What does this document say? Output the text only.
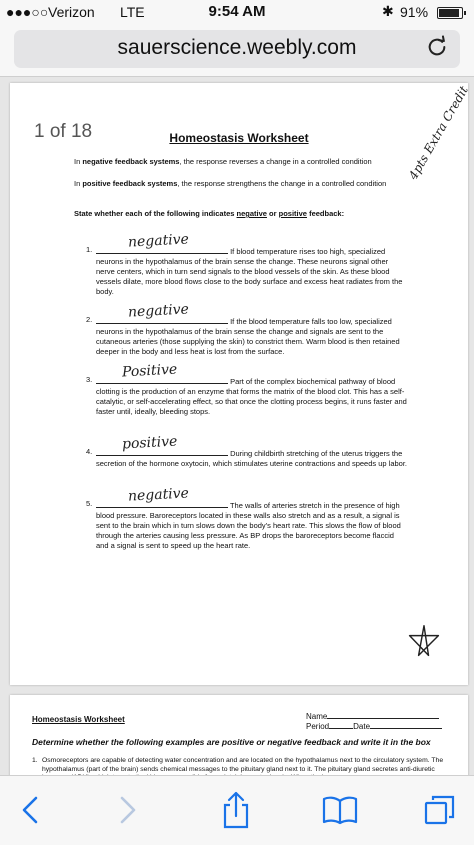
●●●○○ Verizon LTE	9:54 AM	✱ 91%
sauerscience.weebly.com
1 of 18	Homeostasis Worksheet
In negative feedback systems, the response reverses a change in a controlled condition
In positive feedback systems, the response strengthens the change in a controlled condition
State whether each of the following indicates negative or positive feedback:
1.	If blood temperature rises too high, specialized neurons in the hypothalamus of the brain sense the change. These neurons signal other nerve centers, which in turn send signals to the blood vessels of the skin. As these blood vessels dilate, more blood flows close to the body surface and excess heat radiates from the body.
negative
2.	If the blood temperature falls too low, specialized neurons in the hypothalamus of the brain sense the change and signals are sent to the cutaneous arteries (those supplying the skin) to constrict them. Warm blood is then retained deeper in the body and less heat is lost from the surface.
negative
3.	Part of the complex biochemical pathway of blood clotting is the production of an enzyme that forms the matrix of the blood clot. This has a self- catalytic, or self-accelerating effect, so that once the clotting process begins, it runs faster and faster until, ideally, bleeding stops.
Positive
4.	During childbirth stretching of the uterus triggers the secretion of the hormone oxytocin, which stimulates uterine contractions and speeds up labor.
positive
5.	The walls of arteries stretch in the presence of high blood pressure. Baroreceptors located in these walls also stretch and as a result, a signal is sent to the brain which in turn slows down the body's heart rate. This slows the flow of blood through the arteries causing less pressure. As BP drops the baroreceptors become flaccid and a signal is sent to speed up the heart rate.
negative
4pts Extra Credit
Homeostasis Worksheet	Name
Period	Date
Determine whether the following examples are positive or negative feedback and write it in the box
1. Osmoreceptors are capable of detecting water concentration and are located on the hypothalamus next to the circulatory system. The hypothalamus (part of the brain) sends chemical messages to the pituitary gland next to it. The pituitary gland secretes anti-diuretic
